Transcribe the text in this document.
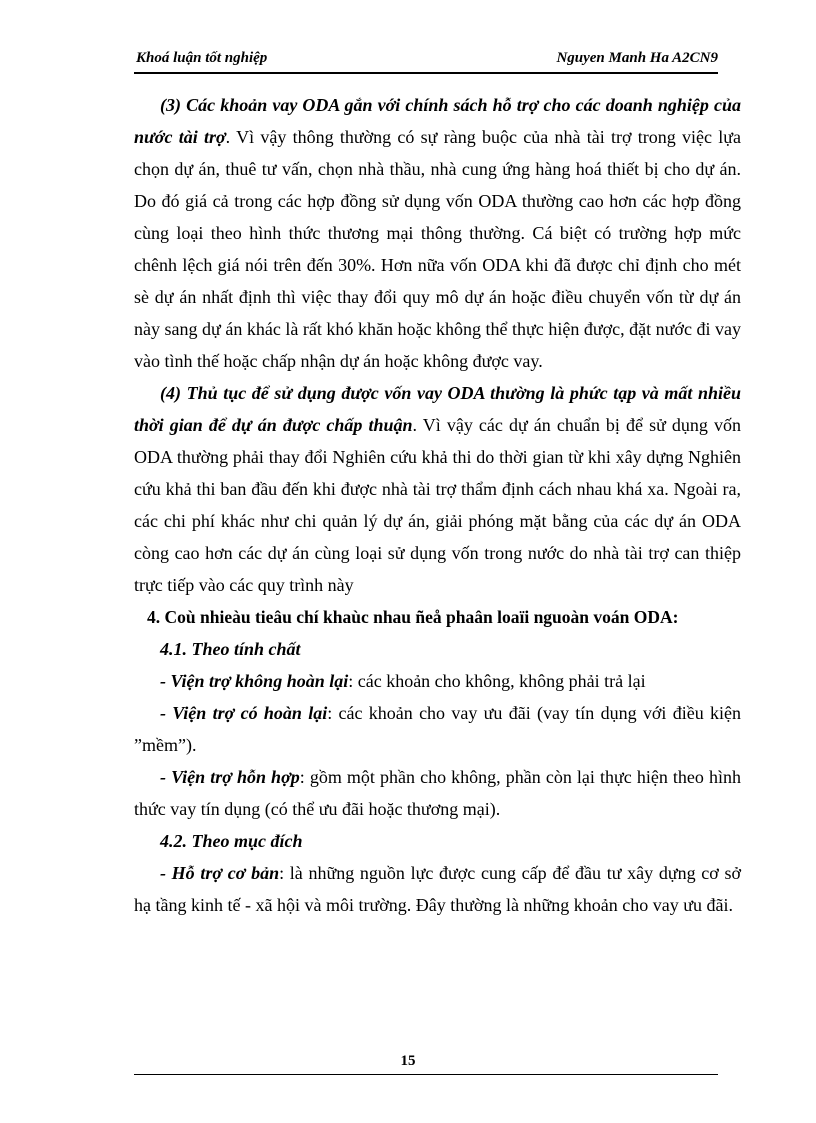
Khoá luận tốt nghiệp	Nguyen Manh Ha A2CN9

(3) Các khoản vay ODA gắn với chính sách hỗ trợ cho các doanh nghiệp của nước tài trợ. Vì vậy thông thường có sự ràng buộc của nhà tài trợ trong việc lựa chọn dự án, thuê tư vấn, chọn nhà thầu, nhà cung ứng hàng hoá thiết bị cho dự án. Do đó giá cả trong các hợp đồng sử dụng vốn ODA thường cao hơn các hợp đồng cùng loại theo hình thức thương mại thông thường. Cá biệt có trường hợp mức chênh lệch giá nói trên đến 30%. Hơn nữa vốn ODA khi đã được chỉ định cho mét sè dự án nhất định thì việc thay đổi quy mô dự án hoặc điều chuyển vốn từ dự án này sang dự án khác là rất khó khăn hoặc không thể thực hiện được, đặt nước đi vay vào tình thế hoặc chấp nhận dự án hoặc không được vay.

(4) Thủ tục để sử dụng được vốn vay ODA thường là phức tạp và mất nhiều thời gian để dự án được chấp thuận. Vì vậy các dự án chuẩn bị để sử dụng vốn ODA thường phải thay đổi Nghiên cứu khả thi do thời gian từ khi xây dựng Nghiên cứu khả thi ban đầu đến khi được nhà tài trợ thẩm định cách nhau khá xa. Ngoài ra, các chi phí khác như chi quản lý dự án, giải phóng mặt bằng của các dự án ODA còng cao hơn các dự án cùng loại sử dụng vốn trong nước do nhà tài trợ can thiệp trực tiếp vào các quy trình này

4. Coù nhieàu tieâu chí khaùc nhau ñeå phaân loaïi nguoàn voán ODA:

4.1. Theo tính chất

- Viện trợ không hoàn lại: các khoản cho không, không phải trả lại

- Viện trợ có hoàn lại: các khoản cho vay ưu đãi (vay tín dụng với điều kiện ”mềm”).

- Viện trợ hỗn hợp: gồm một phần cho không, phần còn lại thực hiện theo hình thức vay tín dụng (có thể ưu đãi hoặc thương mại).

4.2. Theo mục đích

- Hỗ trợ cơ bản: là những nguồn lực được cung cấp để đầu tư xây dựng cơ sở hạ tầng kinh tế - xã hội và môi trường. Đây thường là những khoản cho vay ưu đãi.

15
